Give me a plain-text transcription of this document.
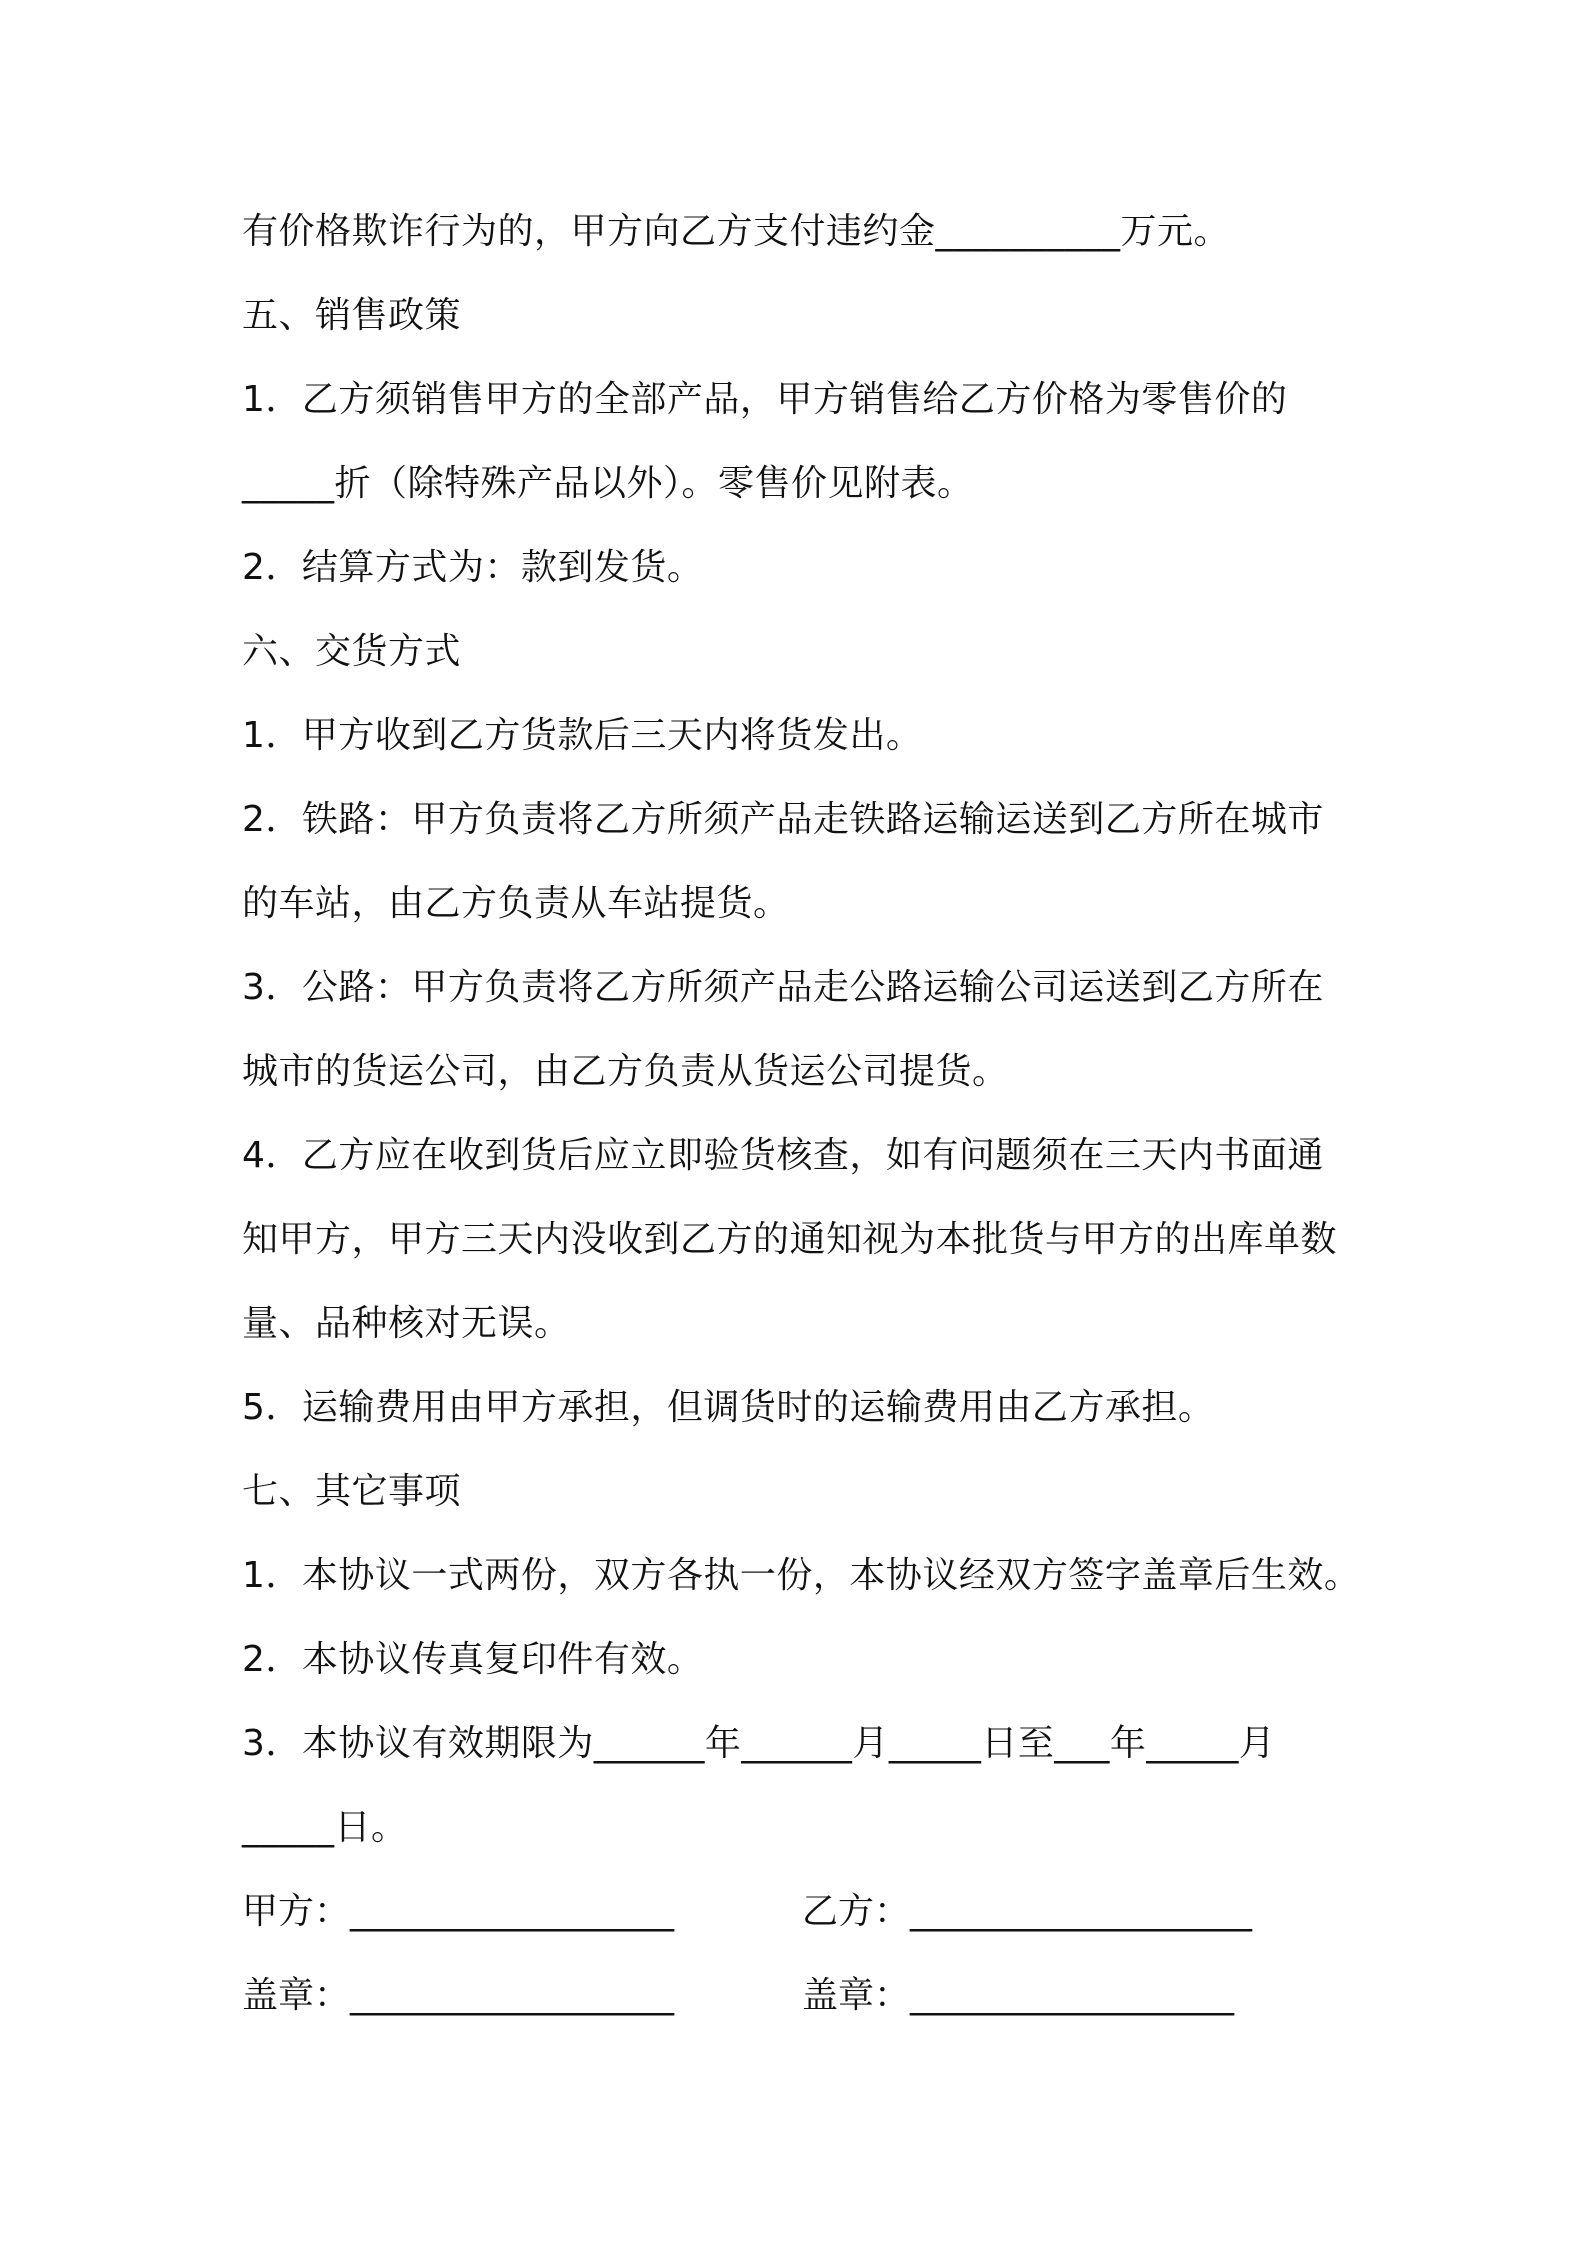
有价格欺诈行为的，甲方向乙方支付违约金__________万元。
五、销售政策
1．乙方须销售甲方的全部产品，甲方销售给乙方价格为零售价的
_____折（除特殊产品以外）。零售价见附表。
2．结算方式为：款到发货。
六、交货方式
1．甲方收到乙方货款后三天内将货发出。
2．铁路：甲方负责将乙方所须产品走铁路运输运送到乙方所在城市
的车站，由乙方负责从车站提货。
3．公路：甲方负责将乙方所须产品走公路运输公司运送到乙方所在
城市的货运公司，由乙方负责从货运公司提货。
4．乙方应在收到货后应立即验货核查，如有问题须在三天内书面通
知甲方，甲方三天内没收到乙方的通知视为本批货与甲方的出库单数
量、品种核对无误。
5．运输费用由甲方承担，但调货时的运输费用由乙方承担。
七、其它事项
1．本协议一式两份，双方各执一份，本协议经双方签字盖章后生效。
2．本协议传真复印件有效。
3．本协议有效期限为______年______月_____日至___年_____月
_____日。
甲方：__________________	乙方：___________________
盖章：__________________	盖章：__________________
